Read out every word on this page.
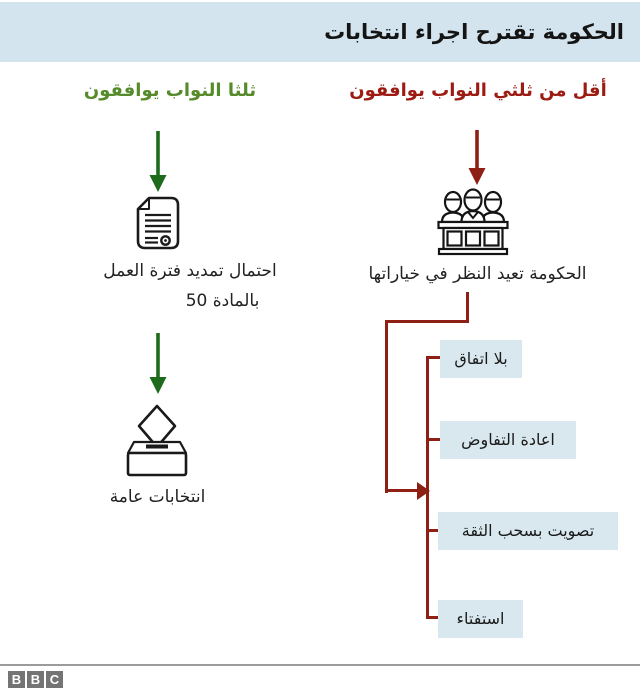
الحكومة تقترح اجراء انتخابات
ثلثا النواب يوافقون	أقل من ثلثي النواب يوافقون
احتمال تمديد فترة العمل
بالمادة 50
انتخابات عامة
الحكومة تعيد النظر في خياراتها
بلا اتفاق
اعادة التفاوض
تصويت بسحب الثقة
استفتاء
B B C
